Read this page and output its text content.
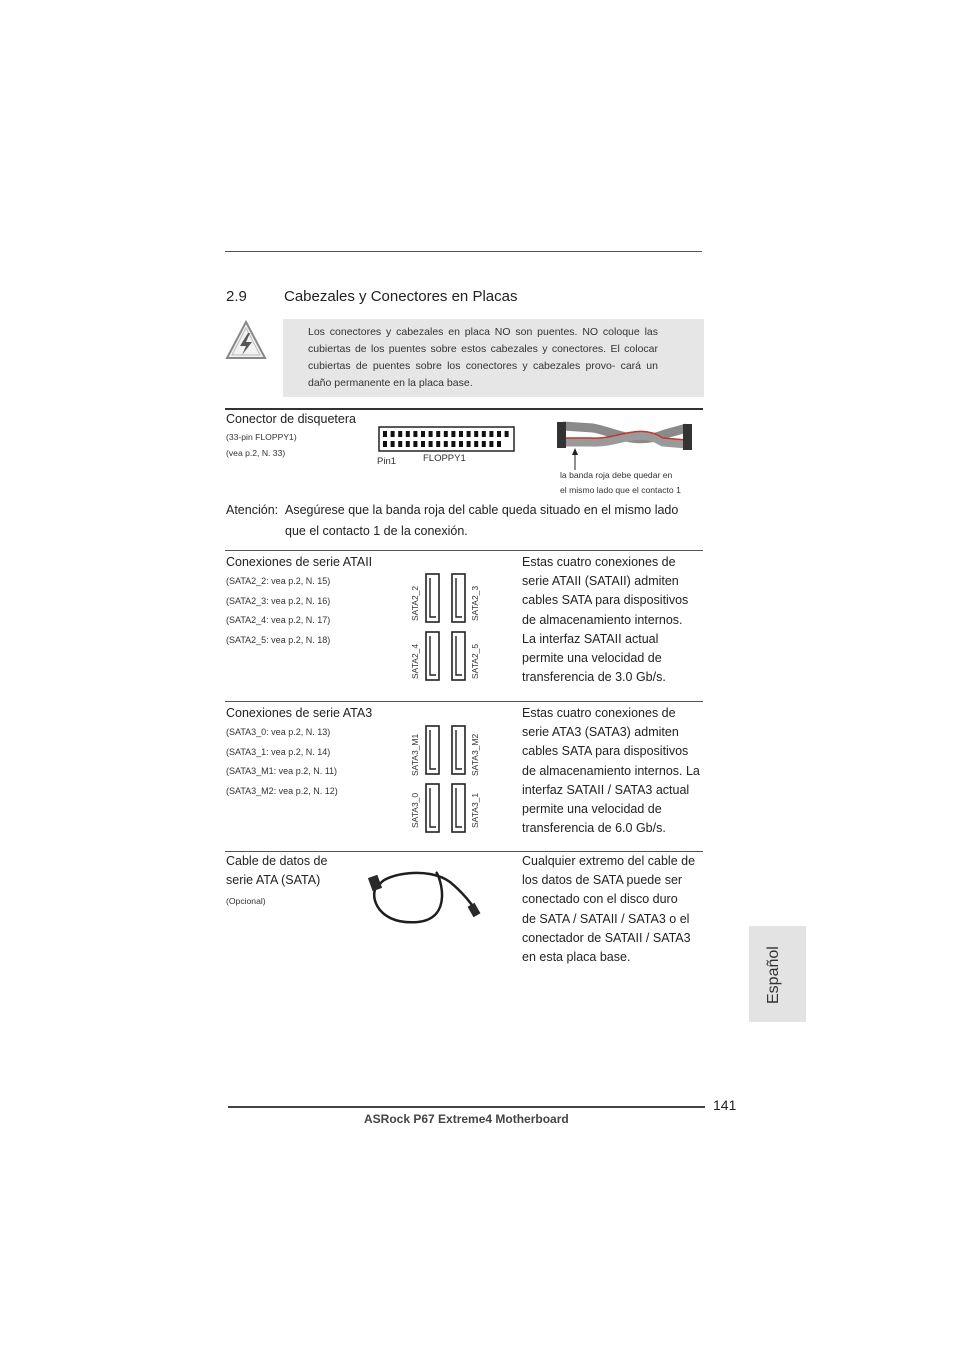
2.9 Cabezales y Conectores en Placas
Los conectores y cabezales en placa NO son puentes. NO coloque las cubiertas de los puentes sobre estos cabezales y conectores. El colocar cubiertas de puentes sobre los conectores y cabezales provo- cará un daño permanente en la placa base.
Conector de disquetera
(33-pin FLOPPY1)
(vea p.2, N. 33)
Pin1	FLOPPY1
la banda roja debe quedar en
el mismo lado que el contacto 1
Atención: Asegúrese que la banda roja del cable queda situado en el mismo lado
que el contacto 1 de la conexión.
Conexiones de serie ATAII
(SATA2_2: vea p.2, N. 15)
(SATA2_3: vea p.2, N. 16)
(SATA2_4: vea p.2, N. 17)
(SATA2_5: vea p.2, N. 18)
SATA2_2	SATA2_3
SATA2_4	SATA2_5
Estas cuatro conexiones de
serie ATAII (SATAII) admiten
cables SATA para dispositivos
de almacenamiento internos.
La interfaz SATAII actual
permite una velocidad de
transferencia de 3.0 Gb/s.
Conexiones de serie ATA3
(SATA3_0: vea p.2, N. 13)
(SATA3_1: vea p.2, N. 14)
(SATA3_M1: vea p.2, N. 11)
(SATA3_M2: vea p.2, N. 12)
SATA3_M1	SATA3_M2
SATA3_0	SATA3_1
Estas cuatro conexiones de
serie ATA3 (SATA3) admiten
cables SATA para dispositivos
de almacenamiento internos. La
interfaz SATAII / SATA3 actual
permite una velocidad de
transferencia de 6.0 Gb/s.
Cable de datos de
serie ATA (SATA)
(Opcional)
Cualquier extremo del cable de
los datos de SATA puede ser
conectado con el disco duro
de SATA / SATAII / SATA3 o el
conectador de SATAII / SATA3
en esta placa base.	Español
141
ASRock P67 Extreme4 Motherboard
